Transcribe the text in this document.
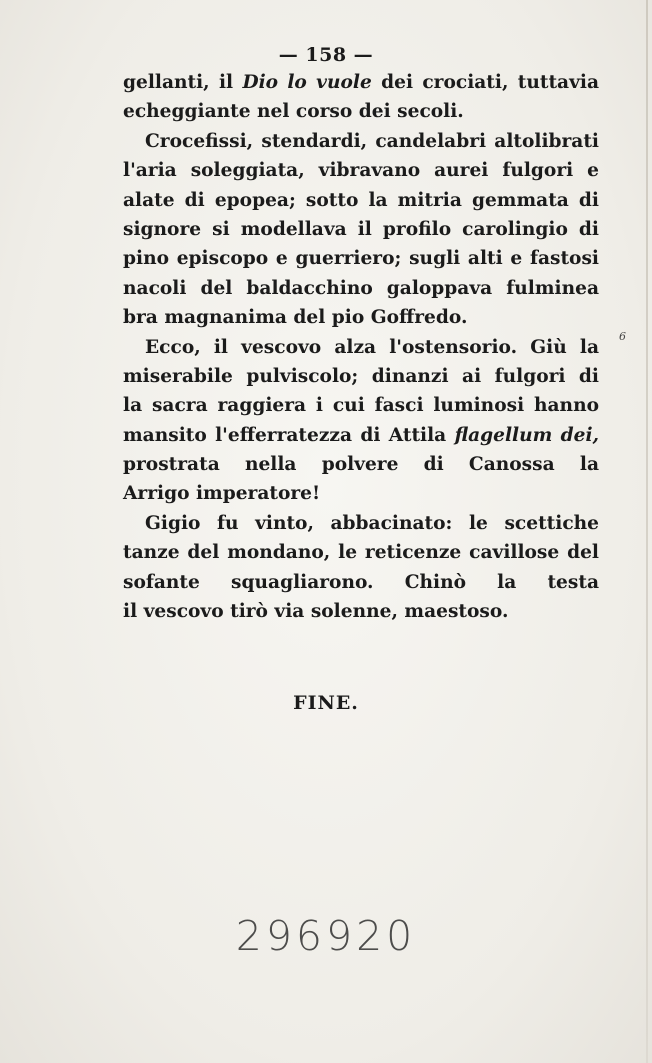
— 158 —
gellanti, il Dio lo vuole dei crociati, tuttavia
echeggiante nel corso dei secoli.
Crocefissi, stendardi, candelabri altolibrati
l'aria soleggiata, vibravano aurei fulgori e
alate di epopea; sotto la mitria gemmata di
signore si modellava il profilo carolingio di
pino episcopo e guerriero; sugli alti e fastosi
nacoli del baldacchino galoppava fulminea
bra magnanima del pio Goffredo.
Ecco, il vescovo alza l'ostensorio. Giù la
miserabile pulviscolo; dinanzi ai fulgori di
la sacra raggiera i cui fasci luminosi hanno
mansito l'efferratezza di Attila flagellum dei,
prostrata nella polvere di Canossa la
Arrigo imperatore!
Gigio fu vinto, abbacinato: le scettiche
tanze del mondano, le reticenze cavillose del
sofante squagliarono. Chinò la testa
il vescovo tirò via solenne, maestoso.
6
FINE.
296920
